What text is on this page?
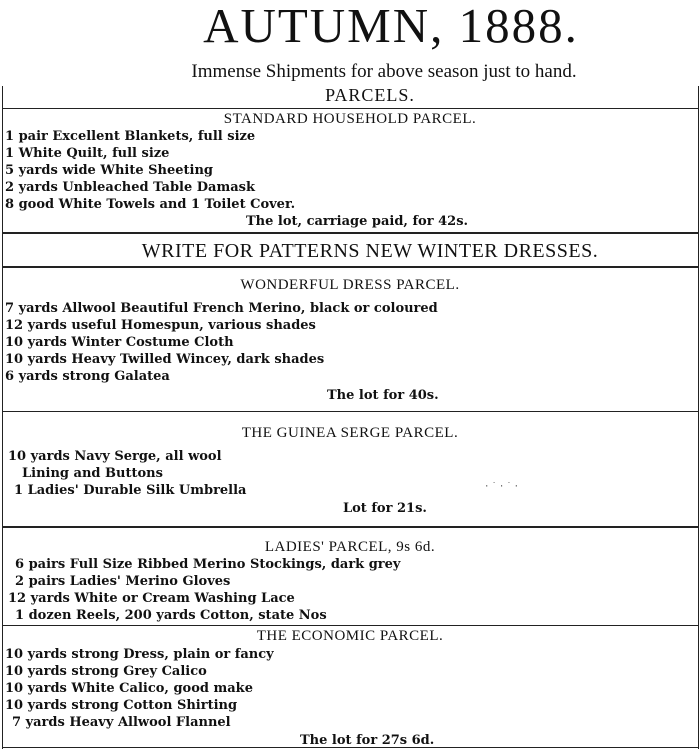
AUTUMN, 1888.
Immense Shipments for above season just to hand.
PARCELS.
STANDARD HOUSEHOLD PARCEL.
1 pair Excellent Blankets, full size
1 White Quilt, full size
5 yards wide White Sheeting
2 yards Unbleached Table Damask
8 good White Towels and 1 Toilet Cover.
The lot, carriage paid, for 42s.
WRITE FOR PATTERNS NEW WINTER DRESSES.
WONDERFUL DRESS PARCEL.
7 yards Allwool Beautiful French Merino, black or coloured
12 yards useful Homespun, various shades
10 yards Winter Costume Cloth
10 yards Heavy Twilled Wincey, dark shades
6 yards strong Galatea
The lot for 40s.
THE GUINEA SERGE PARCEL.
10 yards Navy Serge, all wool
Lining and Buttons
1 Ladies' Durable Silk Umbrella	·˙·˙·
Lot for 21s.
LADIES' PARCEL, 9s 6d.
6 pairs Full Size Ribbed Merino Stockings, dark grey
2 pairs Ladies' Merino Gloves
12 yards White or Cream Washing Lace
1 dozen Reels, 200 yards Cotton, state Nos
THE ECONOMIC PARCEL.
10 yards strong Dress, plain or fancy
10 yards strong Grey Calico
10 yards White Calico, good make
10 yards strong Cotton Shirting
7 yards Heavy Allwool Flannel
The lot for 27s 6d.
